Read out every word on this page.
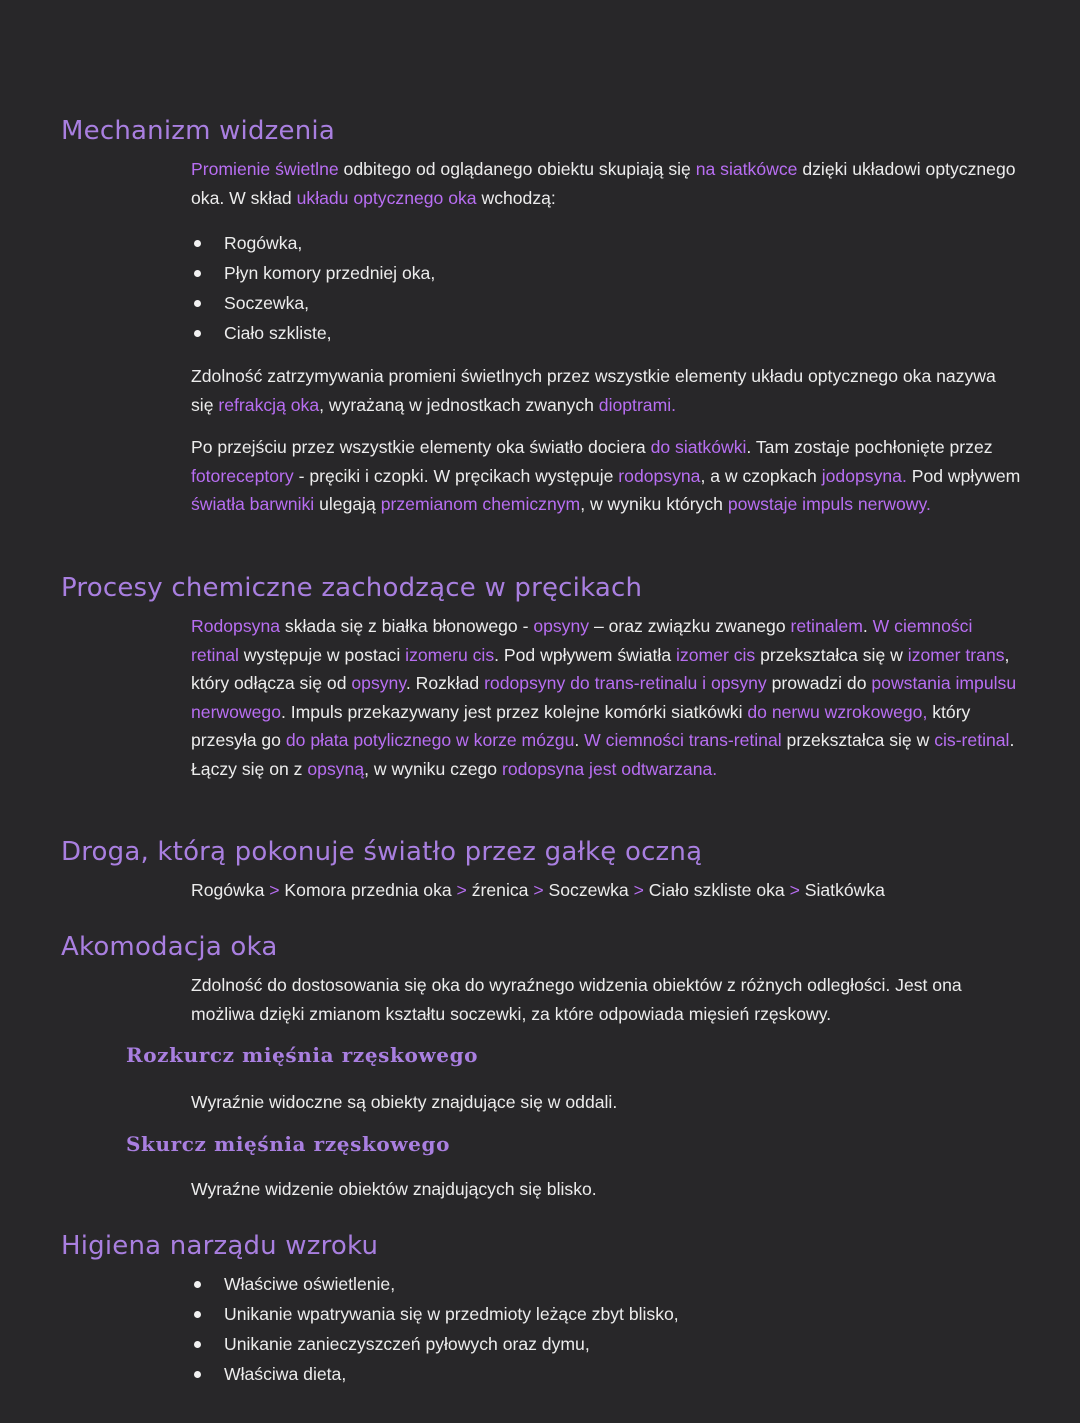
Mechanizm widzenia

Promienie świetlne odbitego od oglądanego obiektu skupiają się na siatkówce dzięki układowi optycznego oka. W skład układu optycznego oka wchodzą:

Rogówka,
Płyn komory przedniej oka,
Soczewka,
Ciało szkliste,

Zdolność zatrzymywania promieni świetlnych przez wszystkie elementy układu optycznego oka nazywa się refrakcją oka, wyrażaną w jednostkach zwanych dioptrami.

Po przejściu przez wszystkie elementy oka światło dociera do siatkówki. Tam zostaje pochłonięte przez fotoreceptory - pręciki i czopki. W pręcikach występuje rodopsyna, a w czopkach jodopsyna. Pod wpływem światła barwniki ulegają przemianom chemicznym, w wyniku których powstaje impuls nerwowy.

Procesy chemiczne zachodzące w pręcikach

Rodopsyna składa się z białka błonowego - opsyny – oraz związku zwanego retinalem. W ciemności retinal występuje w postaci izomeru cis. Pod wpływem światła izomer cis przekształca się w izomer trans, który odłącza się od opsyny. Rozkład rodopsyny do trans-retinalu i opsyny prowadzi do powstania impulsu nerwowego. Impuls przekazywany jest przez kolejne komórki siatkówki do nerwu wzrokowego, który przesyła go do płata potylicznego w korze mózgu. W ciemności trans-retinal przekształca się w cis-retinal. Łączy się on z opsyną, w wyniku czego rodopsyna jest odtwarzana.

Droga, którą pokonuje światło przez gałkę oczną

Rogówka > Komora przednia oka > źrenica > Soczewka > Ciało szkliste oka > Siatkówka

Akomodacja oka

Zdolność do dostosowania się oka do wyraźnego widzenia obiektów z różnych odległości. Jest ona możliwa dzięki zmianom kształtu soczewki, za które odpowiada mięsień rzęskowy.

Rozkurcz mięśnia rzęskowego

Wyraźnie widoczne są obiekty znajdujące się w oddali.

Skurcz mięśnia rzęskowego

Wyraźne widzenie obiektów znajdujących się blisko.

Higiena narządu wzroku
Właściwe oświetlenie,
Unikanie wpatrywania się w przedmioty leżące zbyt blisko,
Unikanie zanieczyszczeń pyłowych oraz dymu,
Właściwa dieta,
